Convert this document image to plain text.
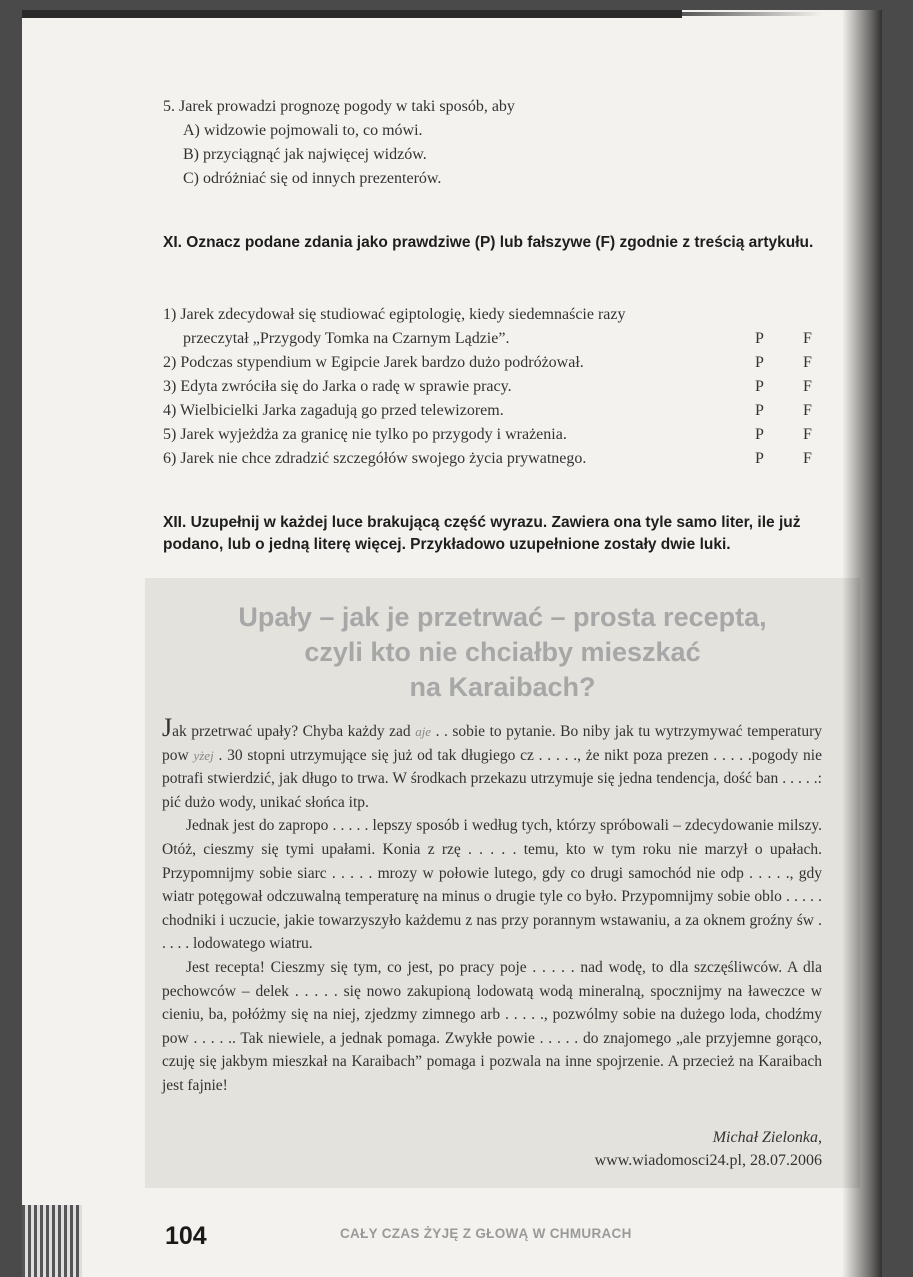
5. Jarek prowadzi prognozę pogody w taki sposób, aby
A) widzowie pojmowali to, co mówi.
B) przyciągnąć jak najwięcej widzów.
C) odróżniać się od innych prezenterów.
XI. Oznacz podane zdania jako prawdziwe (P) lub fałszywe (F) zgodnie z treścią artykułu.
1) Jarek zdecydował się studiować egiptologię, kiedy siedemnaście razy
przeczytał „Przygody Tomka na Czarnym Lądzie”.	P F
2) Podczas stypendium w Egipcie Jarek bardzo dużo podróżował.	P F
3) Edyta zwróciła się do Jarka o radę w sprawie pracy.	P F
4) Wielbicielki Jarka zagadują go przed telewizorem.	P F
5) Jarek wyjeżdża za granicę nie tylko po przygody i wrażenia.	P F
6) Jarek nie chce zdradzić szczegółów swojego życia prywatnego.	P F
XII. Uzupełnij w każdej luce brakującą część wyrazu. Zawiera ona tyle samo liter, ile już podano, lub o jedną literę więcej. Przykładowo uzupełnione zostały dwie luki.
Upały – jak je przetrwać – prosta recepta,
czyli kto nie chciałby mieszkać
na Karaibach?

Jak przetrwać upały? Chyba każdy zad aje . . sobie to pytanie. Bo niby jak tu wytrzymywać temperatury pow yżej . 30 stopni utrzymujące się już od tak długiego cz . . . . ., że nikt poza prezen . . . . .pogody nie potrafi stwierdzić, jak długo to trwa. W środkach przekazu utrzymuje się jedna tendencja, dość ban . . . . .: pić dużo wody, unikać słońca itp.

Jednak jest do zapropo . . . . . lepszy sposób i według tych, którzy spróbowali – zdecydowanie milszy. Otóż, cieszmy się tymi upałami. Konia z rzę . . . . . temu, kto w tym roku nie marzył o upałach. Przypomnijmy sobie siarc . . . . . mrozy w połowie lutego, gdy co drugi samochód nie odp . . . . ., gdy wiatr potęgował odczuwalną temperaturę na minus o drugie tyle co było. Przypomnijmy sobie oblo . . . . . chodniki i uczucie, jakie towarzyszyło każdemu z nas przy porannym wstawaniu, a za oknem groźny św . . . . . lodowatego wiatru.

Jest recepta! Cieszmy się tym, co jest, po pracy poje . . . . . nad wodę, to dla szczęśliwców. A dla pechowców – delek . . . . . się nowo zakupioną lodowatą wodą mineralną, spocznijmy na ławeczce w cieniu, ba, połóżmy się na niej, zjedzmy zimnego arb . . . . ., pozwólmy sobie na dużego loda, chodźmy pow . . . . .. Tak niewiele, a jednak pomaga. Zwykłe powie . . . . . do znajomego „ale przyjemne gorąco, czuję się jakbym mieszkał na Karaibach” pomaga i pozwala na inne spojrzenie. A przecież na Karaibach jest fajnie!

Michał Zielonka,
www.wiadomosci24.pl, 28.07.2006
104	CAŁY CZAS ŻYJĘ Z GŁOWĄ W CHMURACH
